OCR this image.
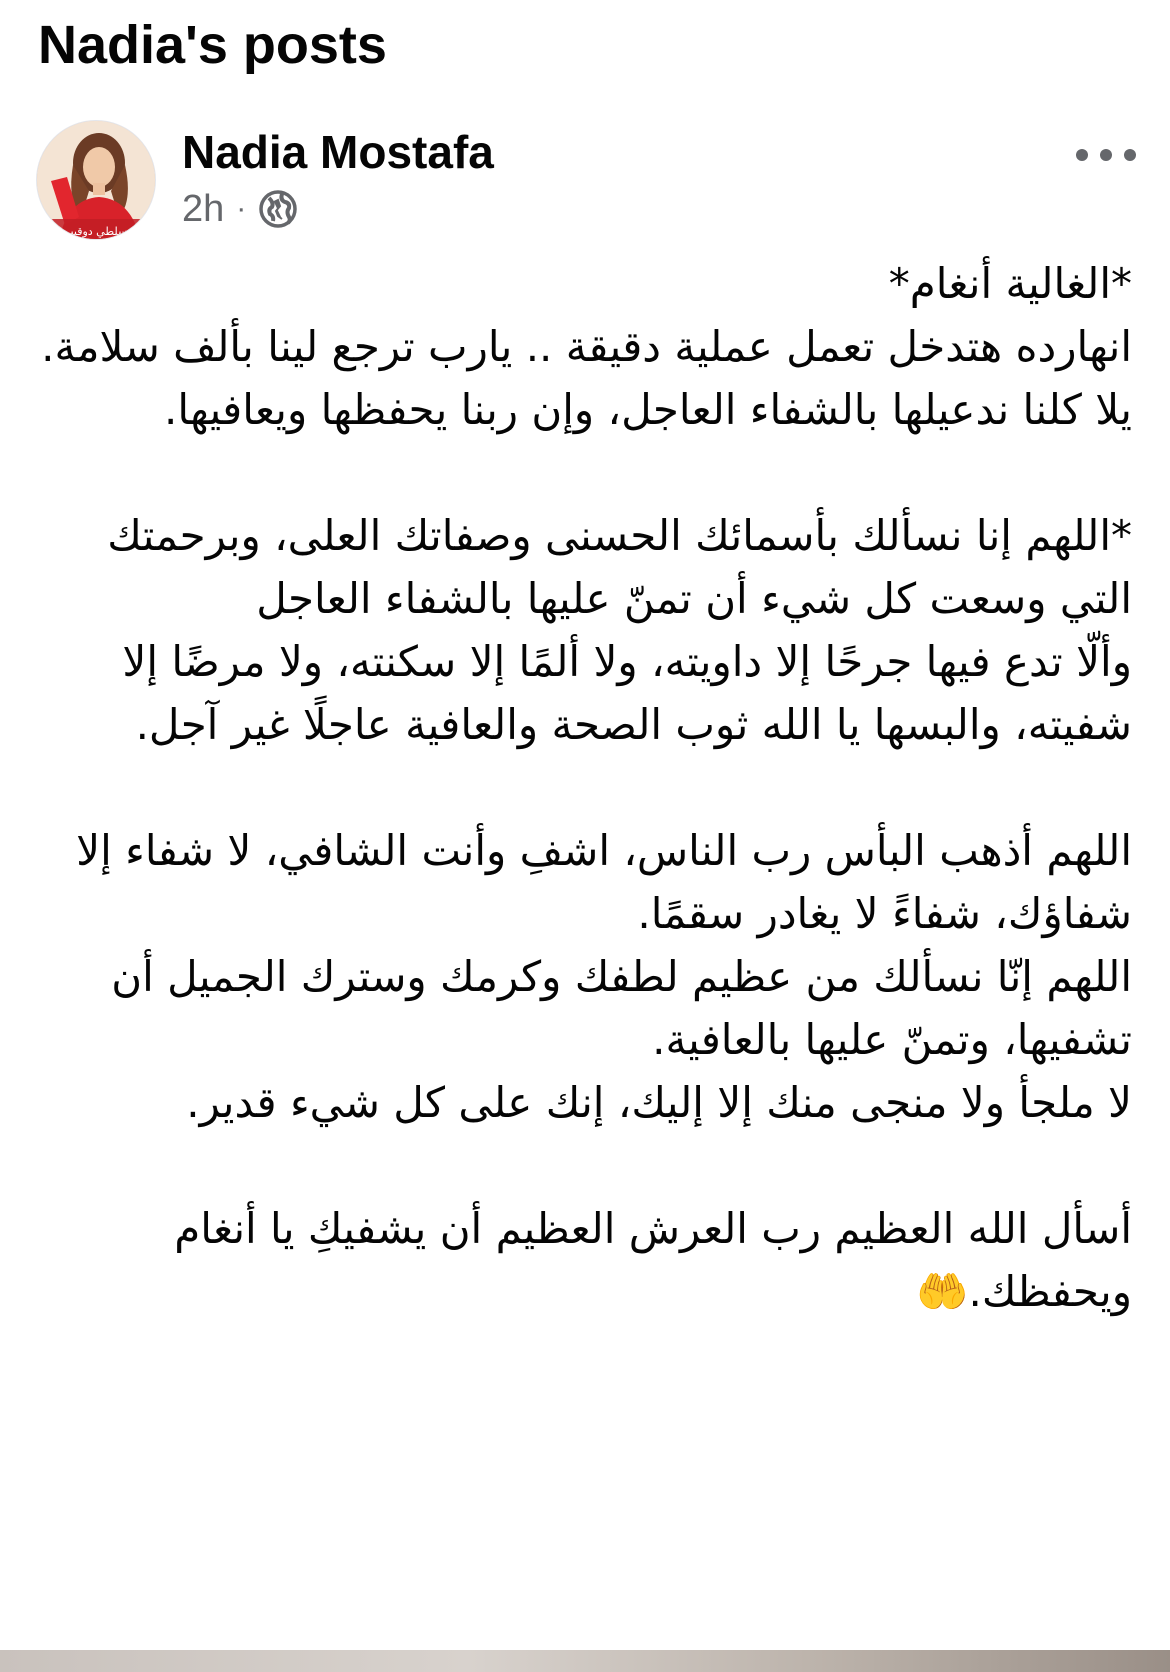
Nadia's posts
بسلطي دوقيب
Nadia Mostafa
2h ·

*الغالية أنغام*

انهارده هتدخل تعمل عملية دقيقة .. يارب ترجع لينا بألف سلامة.

يلا كلنا ندعيلها بالشفاء العاجل، وإن ربنا يحفظها ويعافيها.

*اللهم إنا نسألك بأسمائك الحسنى وصفاتك العلى، وبرحمتك التي وسعت كل شيء أن تمنّ عليها بالشفاء العاجل

وألّا تدع فيها جرحًا إلا داويته، ولا ألمًا إلا سكنته، ولا مرضًا إلا شفيته، والبسها يا الله ثوب الصحة والعافية عاجلًا غير آجل.

اللهم أذهب البأس رب الناس، اشفِ وأنت الشافي، لا شفاء إلا شفاؤك، شفاءً لا يغادر سقمًا.

اللهم إنّا نسألك من عظيم لطفك وكرمك وسترك الجميل أن تشفيها، وتمنّ عليها بالعافية.

لا ملجأ ولا منجى منك إلا إليك، إنك على كل شيء قدير.

أسأل الله العظيم رب العرش العظيم أن يشفيكِ يا أنغام ويحفظك.🤲
